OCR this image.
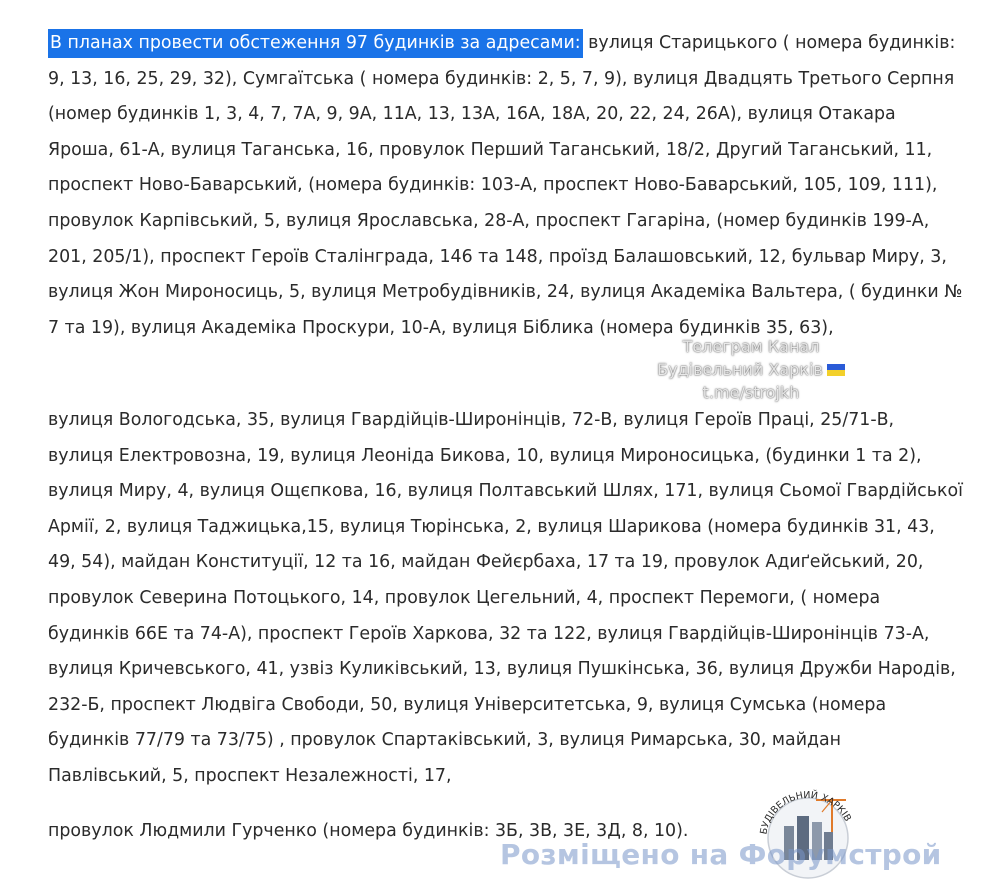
В планах провести обстеження 97 будинків за адресами: вулиця Старицького ( номера будинків: 9, 13, 16, 25, 29, 32), Сумгаїтська ( номера будинків: 2, 5, 7, 9), вулиця Двадцять Третього Серпня (номер будинків 1, 3, 4, 7, 7А, 9, 9А, 11А, 13, 13А, 16А, 18А, 20, 22, 24, 26А), вулиця Отакара Яроша, 61-А, вулиця Таганська, 16, провулок Перший Таганський, 18/2, Другий Таганський, 11, проспект Ново-Баварський, (номера будинків: 103-А, проспект Ново-Баварський, 105, 109, 111), провулок Карпівський, 5, вулиця Ярославська, 28-А, проспект Гагаріна, (номер будинків 199-А, 201, 205/1), проспект Героїв Сталінграда, 146 та 148, проїзд Балашовський, 12, бульвар Миру, 3, вулиця Жон Мироносиць, 5, вулиця Метробудівників, 24, вулиця Академіка Вальтера, ( будинки № 7 та 19), вулиця Академіка Проскури, 10-А, вулиця Біблика (номера будинків 35, 63),

вулиця Вологодська, 35, вулиця Гвардійців-Широнінців, 72-В, вулиця Героїв Праці, 25/71-В, вулиця Електровозна, 19, вулиця Леоніда Бикова, 10, вулиця Мироносицька, (будинки 1 та 2), вулиця Миру, 4, вулиця Ощєпкова, 16, вулиця Полтавський Шлях, 171, вулиця Сьомої Гвардійської Армії, 2, вулиця Таджицька,15, вулиця Тюрінська, 2, вулиця Шарикова (номера будинків 31, 43, 49, 54), майдан Конституції, 12 та 16, майдан Фейєрбаха, 17 та 19, провулок Адиґейський, 20, провулок Северина Потоцького, 14, провулок Цегельний, 4, проспект Перемоги, ( номера будинків 66Е та 74-А), проспект Героїв Харкова, 32 та 122, вулиця Гвардійців-Широнінців 73-А, вулиця Кричевського, 41, узвіз Куликівський, 13, вулиця Пушкінська, 36, вулиця Дружби Народів, 232-Б, проспект Людвіга Свободи, 50, вулиця Університетська, 9, вулиця Сумська (номера будинків 77/79 та 73/75) , провулок Спартаківський, 3, вулиця Римарська, 30, майдан Павлівський, 5, проспект Незалежності, 17,

провулок Людмили Гурченко (номера будинків: 3Б, 3В, 3Е, 3Д, 8, 10).

Телеграм Канал
Будівельний Харків
t.me/strojkh
БУДІВЕЛЬНИЙ ХАРКІВ
Розміщено на Форумстрой
